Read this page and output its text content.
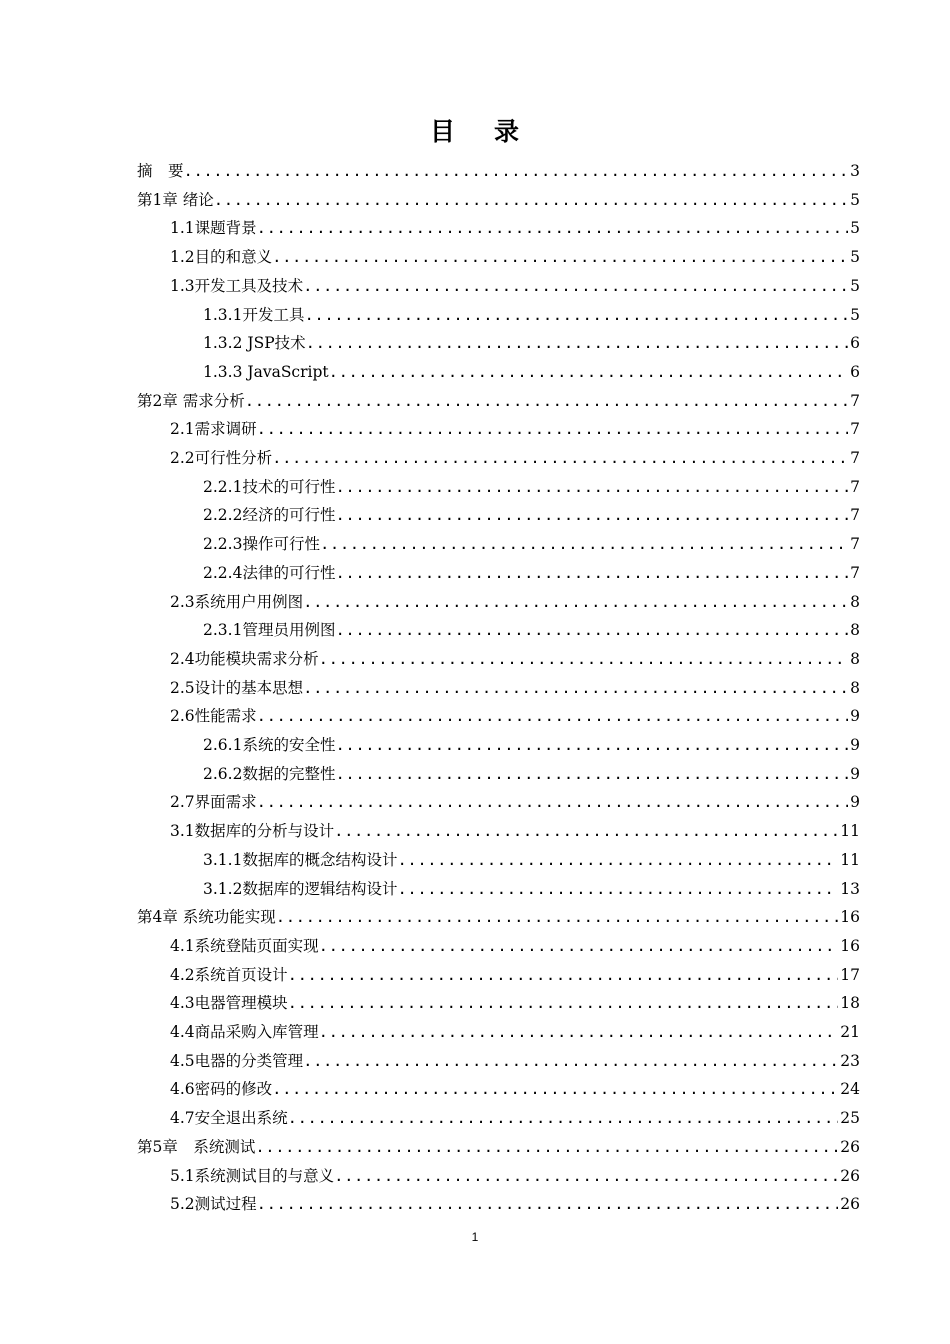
目 录
摘　要 .....	3
第1章 绪论 .....	5
1.1课题背景 .....	5
1.2目的和意义 .....	5
1.3开发工具及技术 .....	5
1.3.1开发工具 .....	5
1.3.2 JSP技术 .....	6
1.3.3 JavaScript .....	6
第2章 需求分析 .....	7
2.1需求调研 .....	7
2.2可行性分析 .....	7
2.2.1技术的可行性 .....	7
2.2.2经济的可行性 .....	7
2.2.3操作可行性 .....	7
2.2.4法律的可行性 .....	7
2.3系统用户用例图 .....	8
2.3.1管理员用例图 .....	8
2.4功能模块需求分析 .....	8
2.5设计的基本思想 .....	8
2.6性能需求 .....	9
2.6.1系统的安全性 .....	9
2.6.2数据的完整性 .....	9
2.7界面需求 .....	9
3.1数据库的分析与设计 .....	11
3.1.1数据库的概念结构设计 .....	11
3.1.2数据库的逻辑结构设计 .....	13
第4章 系统功能实现 .....	16
4.1系统登陆页面实现 .....	16
4.2系统首页设计 .....	17
4.3电器管理模块 .....	18
4.4商品采购入库管理 .....	21
4.5电器的分类管理 .....	23
4.6密码的修改 .....	24
4.7安全退出系统 .....	25
第5章　系统测试 .....	26
5.1系统测试目的与意义 .....	26
5.2测试过程 .....	26
1
